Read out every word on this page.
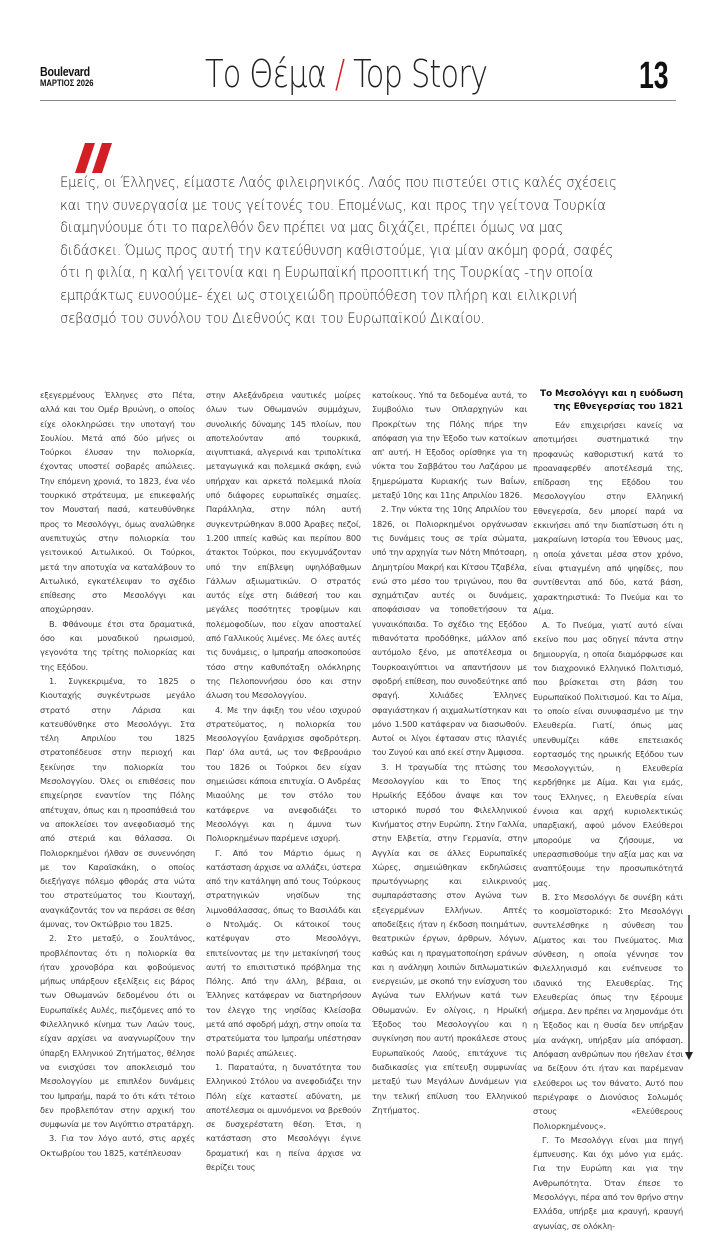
Boulevard
ΜΑΡΤΙΟΣ 2026	Το Θέμα / Top Story	13

Εμείς, οι Έλληνες, είμαστε Λαός φιλειρηνικός. Λαός που πιστεύει στις καλές σχέσεις και την συνεργασία με τους γείτονές του. Επομένως, και προς την γείτονα Τουρκία διαμηνύουμε ότι το παρελθόν δεν πρέπει να μας διχάζει, πρέπει όμως να μας διδάσκει. Όμως προς αυτή την κατεύθυνση καθιστούμε, για μίαν ακόμη φορά, σαφές ότι η φιλία, η καλή γειτονία και η Ευρωπαϊκή προοπτική της Τουρκίας -την οποία εμπράκτως ευνοούμε- έχει ως στοιχειώδη προϋπόθεση τον πλήρη και ειλικρινή σεβασμό του συνόλου του Διεθνούς και του Ευρωπαϊκού Δικαίου.

εξεγερμένους Έλληνες στο Πέτα, αλλά και του Ομέρ Βρυώνη, ο οποίος είχε ολοκληρώσει την υποταγή του Σουλίου. Μετά από δύο μήνες οι Τούρκοι έλυσαν την πολιορκία, έχοντας υποστεί σοβαρές απώλειες. Την επόμενη χρονιά, το 1823, ένα νέο τουρκικό στράτευμα, με επικεφαλής τον Μουσταή πασά, κατευθύνθηκε προς το Μεσολόγγι, όμως αναλώθηκε ανεπιτυχώς στην πολιορκία του γειτονικού Αιτωλικού. Οι Τούρκοι, μετά την αποτυχία να καταλάβουν το Αιτωλικό, εγκατέλειψαν το σχέδιο επίθεσης στο Μεσολόγγι και αποχώρησαν.

Β. Φθάνουμε έτσι στα δραματικά, όσο και μοναδικού ηρωισμού, γεγονότα της τρίτης πολιορκίας και της Εξόδου.

1. Συγκεκριμένα, το 1825 ο Κιουταχής συγκέντρωσε μεγάλο στρατό στην Λάρισα και κατευθύνθηκε στο Μεσολόγγι. Στα τέλη Απριλίου του 1825 στρατοπέδευσε στην περιοχή και ξεκίνησε την πολιορκία του Μεσολογγίου. Όλες οι επιθέσεις που επιχείρησε εναντίον της Πόλης απέτυχαν, όπως και η προσπάθειά του να αποκλείσει τον ανεφοδιασμό της από στεριά και θάλασσα. Οι Πολιορκημένοι ήλθαν σε συνεννόηση με τον Καραϊσκάκη, ο οποίος διεξήγαγε πόλεμο φθοράς στα νώτα του στρατεύματος του Κιουταχή, αναγκάζοντάς τον να περάσει σε θέση άμυνας, τον Οκτώβριο του 1825.

2. Στο μεταξύ, ο Σουλτάνος, προβλέποντας ότι η πολιορκία θα ήταν χρονοβόρα και φοβούμενος μήπως υπάρξουν εξελίξεις εις βάρος των Οθωμανών δεδομένου ότι οι Ευρωπαϊκές Αυλές, πιεζόμενες από το Φιλελληνικό κίνημα των Λαών τους, είχαν αρχίσει να αναγνωρίζουν την ύπαρξη Ελληνικού Ζητήματος, θέλησε να ενισχύσει τον αποκλεισμό του Μεσολογγίου με επιπλέον δυνάμεις του Ιμπραήμ, παρά το ότι κάτι τέτοιο δεν προβλεπόταν στην αρχική του συμφωνία με τον Αιγύπτιο στρατάρχη.

3. Για τον λόγο αυτό, στις αρχές Οκτωβρίου του 1825, κατέπλευσαν

στην Αλεξάνδρεια ναυτικές μοίρες όλων των Οθωμανών συμμάχων, συνολικής δύναμης 145 πλοίων, που αποτελούνταν από τουρκικά, αιγυπτιακά, αλγερινά και τριπολίτικα μεταγωγικά και πολεμικά σκάφη, ενώ υπήρχαν και αρκετά πολεμικά πλοία υπό διάφορες ευρωπαϊκές σημαίες. Παράλληλα, στην πόλη αυτή συγκεντρώθηκαν 8.000 Άραβες πεζοί, 1.200 ιππείς καθώς και περίπου 800 άτακτοι Τούρκοι, που εκγυμνάζονταν υπό την επίβλεψη υψηλόβαθμων Γάλλων αξιωματικών. Ο στρατός αυτός είχε στη διάθεσή του και μεγάλες ποσότητες τροφίμων και πολεμοφοδίων, που είχαν αποσταλεί από Γαλλικούς λιμένες. Με όλες αυτές τις δυνάμεις, ο Ιμπραήμ αποσκοπούσε τόσο στην καθυπόταξη ολόκληρης της Πελοποννήσου όσο και στην άλωση του Μεσολογγίου.

4. Με την άφιξη του νέου ισχυρού στρατεύματος, η πολιορκία του Μεσολογγίου ξανάρχισε σφοδρότερη. Παρ' όλα αυτά, ως τον Φεβρουάριο του 1826 οι Τούρκοι δεν είχαν σημειώσει κάποια επιτυχία. Ο Ανδρέας Μιαούλης με τον στόλο του κατάφερνε να ανεφοδιάζει το Μεσολόγγι και η άμυνα των Πολιορκημένων παρέμενε ισχυρή.

Γ. Από τον Μάρτιο όμως η κατάσταση άρχισε να αλλάζει, ύστερα από την κατάληψη από τους Τούρκους στρατηγικών νησίδων της λιμνοθάλασσας, όπως το Βασιλάδι και ο Ντολμάς. Οι κάτοικοί τους κατέφυγαν στο Μεσολόγγι, επιτείνοντας με την μετακίνησή τους αυτή το επισιτιστικό πρόβλημα της Πόλης. Από την άλλη, βέβαια, οι Έλληνες κατάφεραν να διατηρήσουν τον έλεγχο της νησίδας Κλείσοβα μετά από σφοδρή μάχη, στην οποία τα στρατεύματα του Ιμπραήμ υπέστησαν πολύ βαριές απώλειες.

1. Παραταύτα, η δυνατότητα του Ελληνικού Στόλου να ανεφοδιάζει την Πόλη είχε καταστεί αδύνατη, με αποτέλεσμα οι αμυνόμενοι να βρεθούν σε δυσχερέστατη θέση. Έτσι, η κατάσταση στο Μεσολόγγι έγινε δραματική και η πείνα άρχισε να θερίζει τους

κατοίκους. Υπό τα δεδομένα αυτά, το Συμβούλιο των Οπλαρχηγών και Προκρίτων της Πόλης πήρε την απόφαση για την Έξοδο των κατοίκων απ' αυτή. Η Έξοδος ορίσθηκε για τη νύκτα του Σαββάτου του Λαζάρου με ξημερώματα Κυριακής των Βαΐων, μεταξύ 10ης και 11ης Απριλίου 1826.

2. Την νύκτα της 10ης Απριλίου του 1826, οι Πολιορκημένοι οργάνωσαν τις δυνάμεις τους σε τρία σώματα, υπό την αρχηγία των Νότη Μπότσαρη, Δημητρίου Μακρή και Κίτσου Τζαβέλα, ενώ στο μέσο του τριγώνου, που θα σχημάτιζαν αυτές οι δυνάμεις, αποφάσισαν να τοποθετήσουν τα γυναικόπαιδα. Το σχέδιο της Εξόδου πιθανότατα προδόθηκε, μάλλον από αυτόμολο ξένο, με αποτέλεσμα οι Τουρκοαιγύπτιοι να απαντήσουν με σφοδρή επίθεση, που συνοδεύτηκε από σφαγή. Χιλιάδες Έλληνες σφαγιάστηκαν ή αιχμαλωτίστηκαν και μόνο 1.500 κατάφεραν να διασωθούν. Αυτοί οι λίγοι έφτασαν στις πλαγιές του Ζυγού και από εκεί στην Άμφισσα.

3. Η τραγωδία της πτώσης του Μεσολογγίου και το Έπος της Ηρωϊκής Εξόδου άναψε και τον ιστορικό πυρσό του Φιλελληνικού Κινήματος στην Ευρώπη. Στην Γαλλία, στην Ελβετία, στην Γερμανία, στην Αγγλία και σε άλλες Ευρωπαϊκές Χώρες, σημειώθηκαν εκδηλώσεις πρωτόγνωρης και ειλικρινούς συμπαράστασης στον Αγώνα των εξεγερμένων Ελλήνων. Απτές αποδείξεις ήταν η έκδοση ποιημάτων, θεατρικών έργων, άρθρων, λόγων, καθώς και η πραγματοποίηση εράνων και η ανάληψη λοιπών διπλωματικών ενεργειών, με σκοπό την ενίσχυση του Αγώνα των Ελλήνων κατά των Οθωμανών. Εν ολίγοις, η Ηρωϊκή Έξοδος του Μεσολογγίου και η συγκίνηση που αυτή προκάλεσε στους Ευρωπαϊκούς Λαούς, επιτάχυνε τις διαδικασίες για επίτευξη συμφωνίας μεταξύ των Μεγάλων Δυνάμεων για την τελική επίλυση του Ελληνικού Ζητήματος.

Το Μεσολόγγι και η ευόδωση της Εθνεγερσίας του 1821

Εάν επιχειρήσει κανείς να αποτιμήσει συστηματικά την προφανώς καθοριστική κατά το προαναφερθέν αποτέλεσμά της, επίδραση της Εξόδου του Μεσολογγίου στην Ελληνική Εθνεγερσία, δεν μπορεί παρά να εκκινήσει από την διαπίστωση ότι η μακραίωνη Ιστορία του Έθνους μας, η οποία χάνεται μέσα στον χρόνο, είναι φτιαγμένη από ψηφίδες, που συντίθενται από δύο, κατά βάση, χαρακτηριστικά: Το Πνεύμα και το Αίμα.

Α. Το Πνεύμα, γιατί αυτό είναι εκείνο που μας οδηγεί πάντα στην δημιουργία, η οποία διαμόρφωσε και τον διαχρονικό Ελληνικό Πολιτισμό, που βρίσκεται στη βάση του Ευρωπαϊκού Πολιτισμού. Και το Αίμα, το οποίο είναι συνυφασμένο με την Ελευθερία. Γιατί, όπως μας υπενθυμίζει κάθε επετειακός εορτασμός της ηρωικής Εξόδου των Μεσολογγιτών, η Ελευθερία κερδήθηκε με Αίμα. Και για εμάς, τους Έλληνες, η Ελευθερία είναι έννοια και αρχή κυριολεκτικώς υπαρξιακή, αφού μόνον Ελεύθεροι μπορούμε να ζήσουμε, να υπερασπισθούμε την αξία μας και να αναπτύξουμε την προσωπικότητά μας.

Β. Στο Μεσολόγγι δε συνέβη κάτι το κοσμοϊστορικό: Στο Μεσολόγγι συντελέσθηκε η σύνθεση του Αίματος και του Πνεύματος. Μια σύνθεση, η οποία γέννησε τον Φιλελληνισμό και ενέπνευσε το ιδανικό της Ελευθερίας. Της Ελευθερίας όπως την ξέρουμε σήμερα. Δεν πρέπει να λησμονάμε ότι η Έξοδος και η Θυσία δεν υπήρξαν μία ανάγκη, υπήρξαν μία απόφαση. Απόφαση ανθρώπων που ήθελαν έτσι να δείξουν ότι ήταν και παρέμεναν ελεύθεροι ως τον θάνατο. Αυτό που περιέγραφε ο Διονύσιος Σολωμός στους «Ελεύθερους Πολιορκημένους».

Γ. Το Μεσολόγγι είναι μια πηγή έμπνευσης. Και όχι μόνο για εμάς. Για την Ευρώπη και για την Ανθρωπότητα. Όταν έπεσε το Μεσολόγγι, πέρα από τον θρήνο στην Ελλάδα, υπήρξε μια κραυγή, κραυγή αγωνίας, σε ολόκλη-
